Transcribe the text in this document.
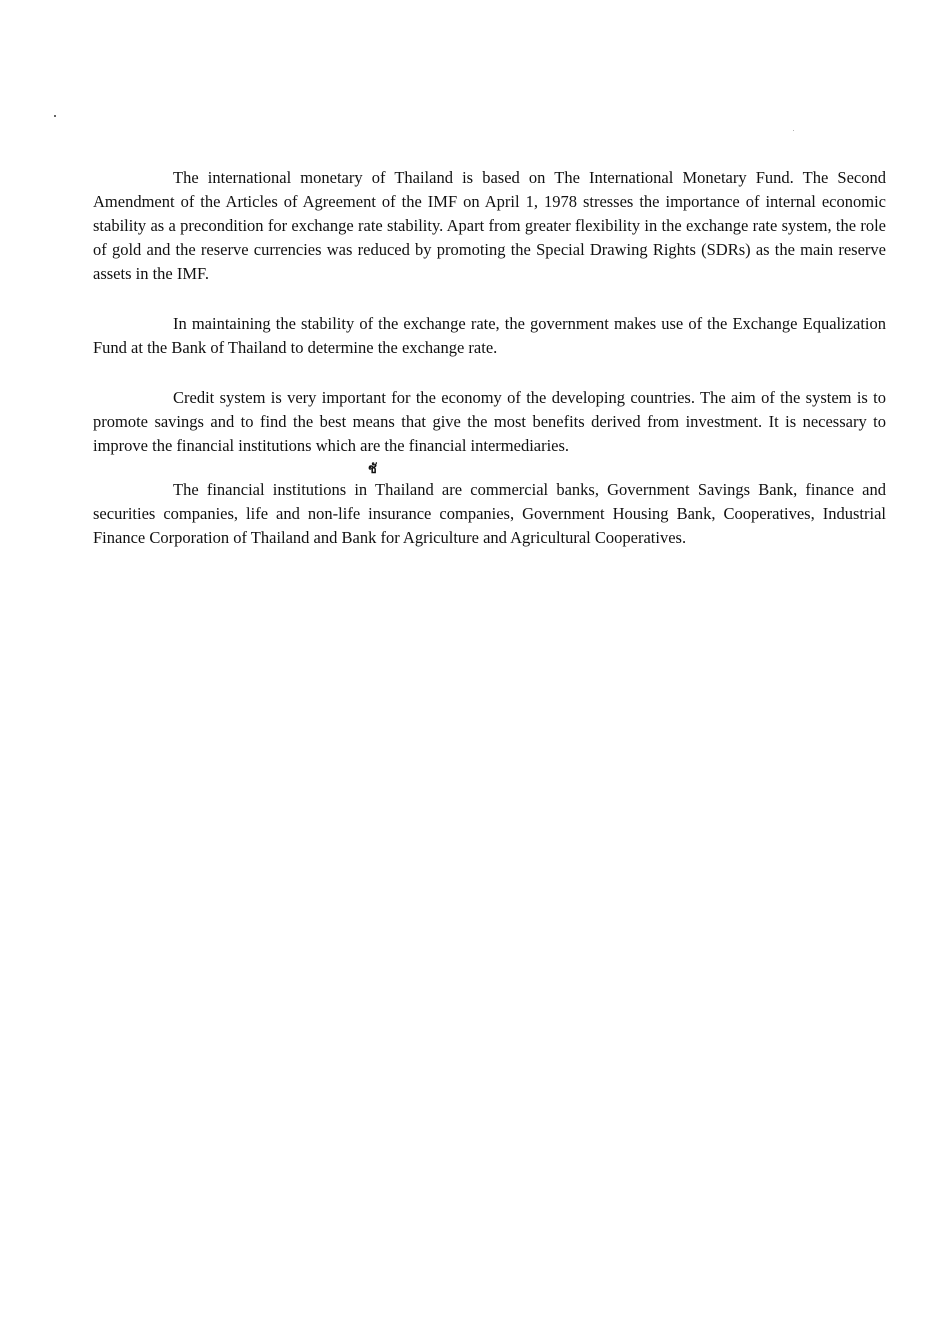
The international monetary of Thailand is based on The International Monetary Fund. The Second Amendment of the Articles of Agreement of the IMF on April 1, 1978 stresses the importance of internal economic stability as a precondition for exchange rate stability. Apart from greater flexibility in the exchange rate system, the role of gold and the reserve currencies was reduced by promoting the Special Drawing Rights (SDRs) as the main reserve assets in the IMF.

In maintaining the stability of the exchange rate, the government makes use of the Exchange Equalization Fund at the Bank of Thailand to determine the exchange rate.

Credit system is very important for the economy of the developing countries. The aim of the system is to promote savings and to find the best means that give the most benefits derived from investment. It is necessary to improve the financial institutions which are the financial intermediaries.

ชั

The financial institutions in Thailand are commercial banks, Government Savings Bank, finance and securities companies, life and non-life insurance companies, Government Housing Bank, Cooperatives, Industrial Finance Corporation of Thailand and Bank for Agriculture and Agricultural Cooperatives.
